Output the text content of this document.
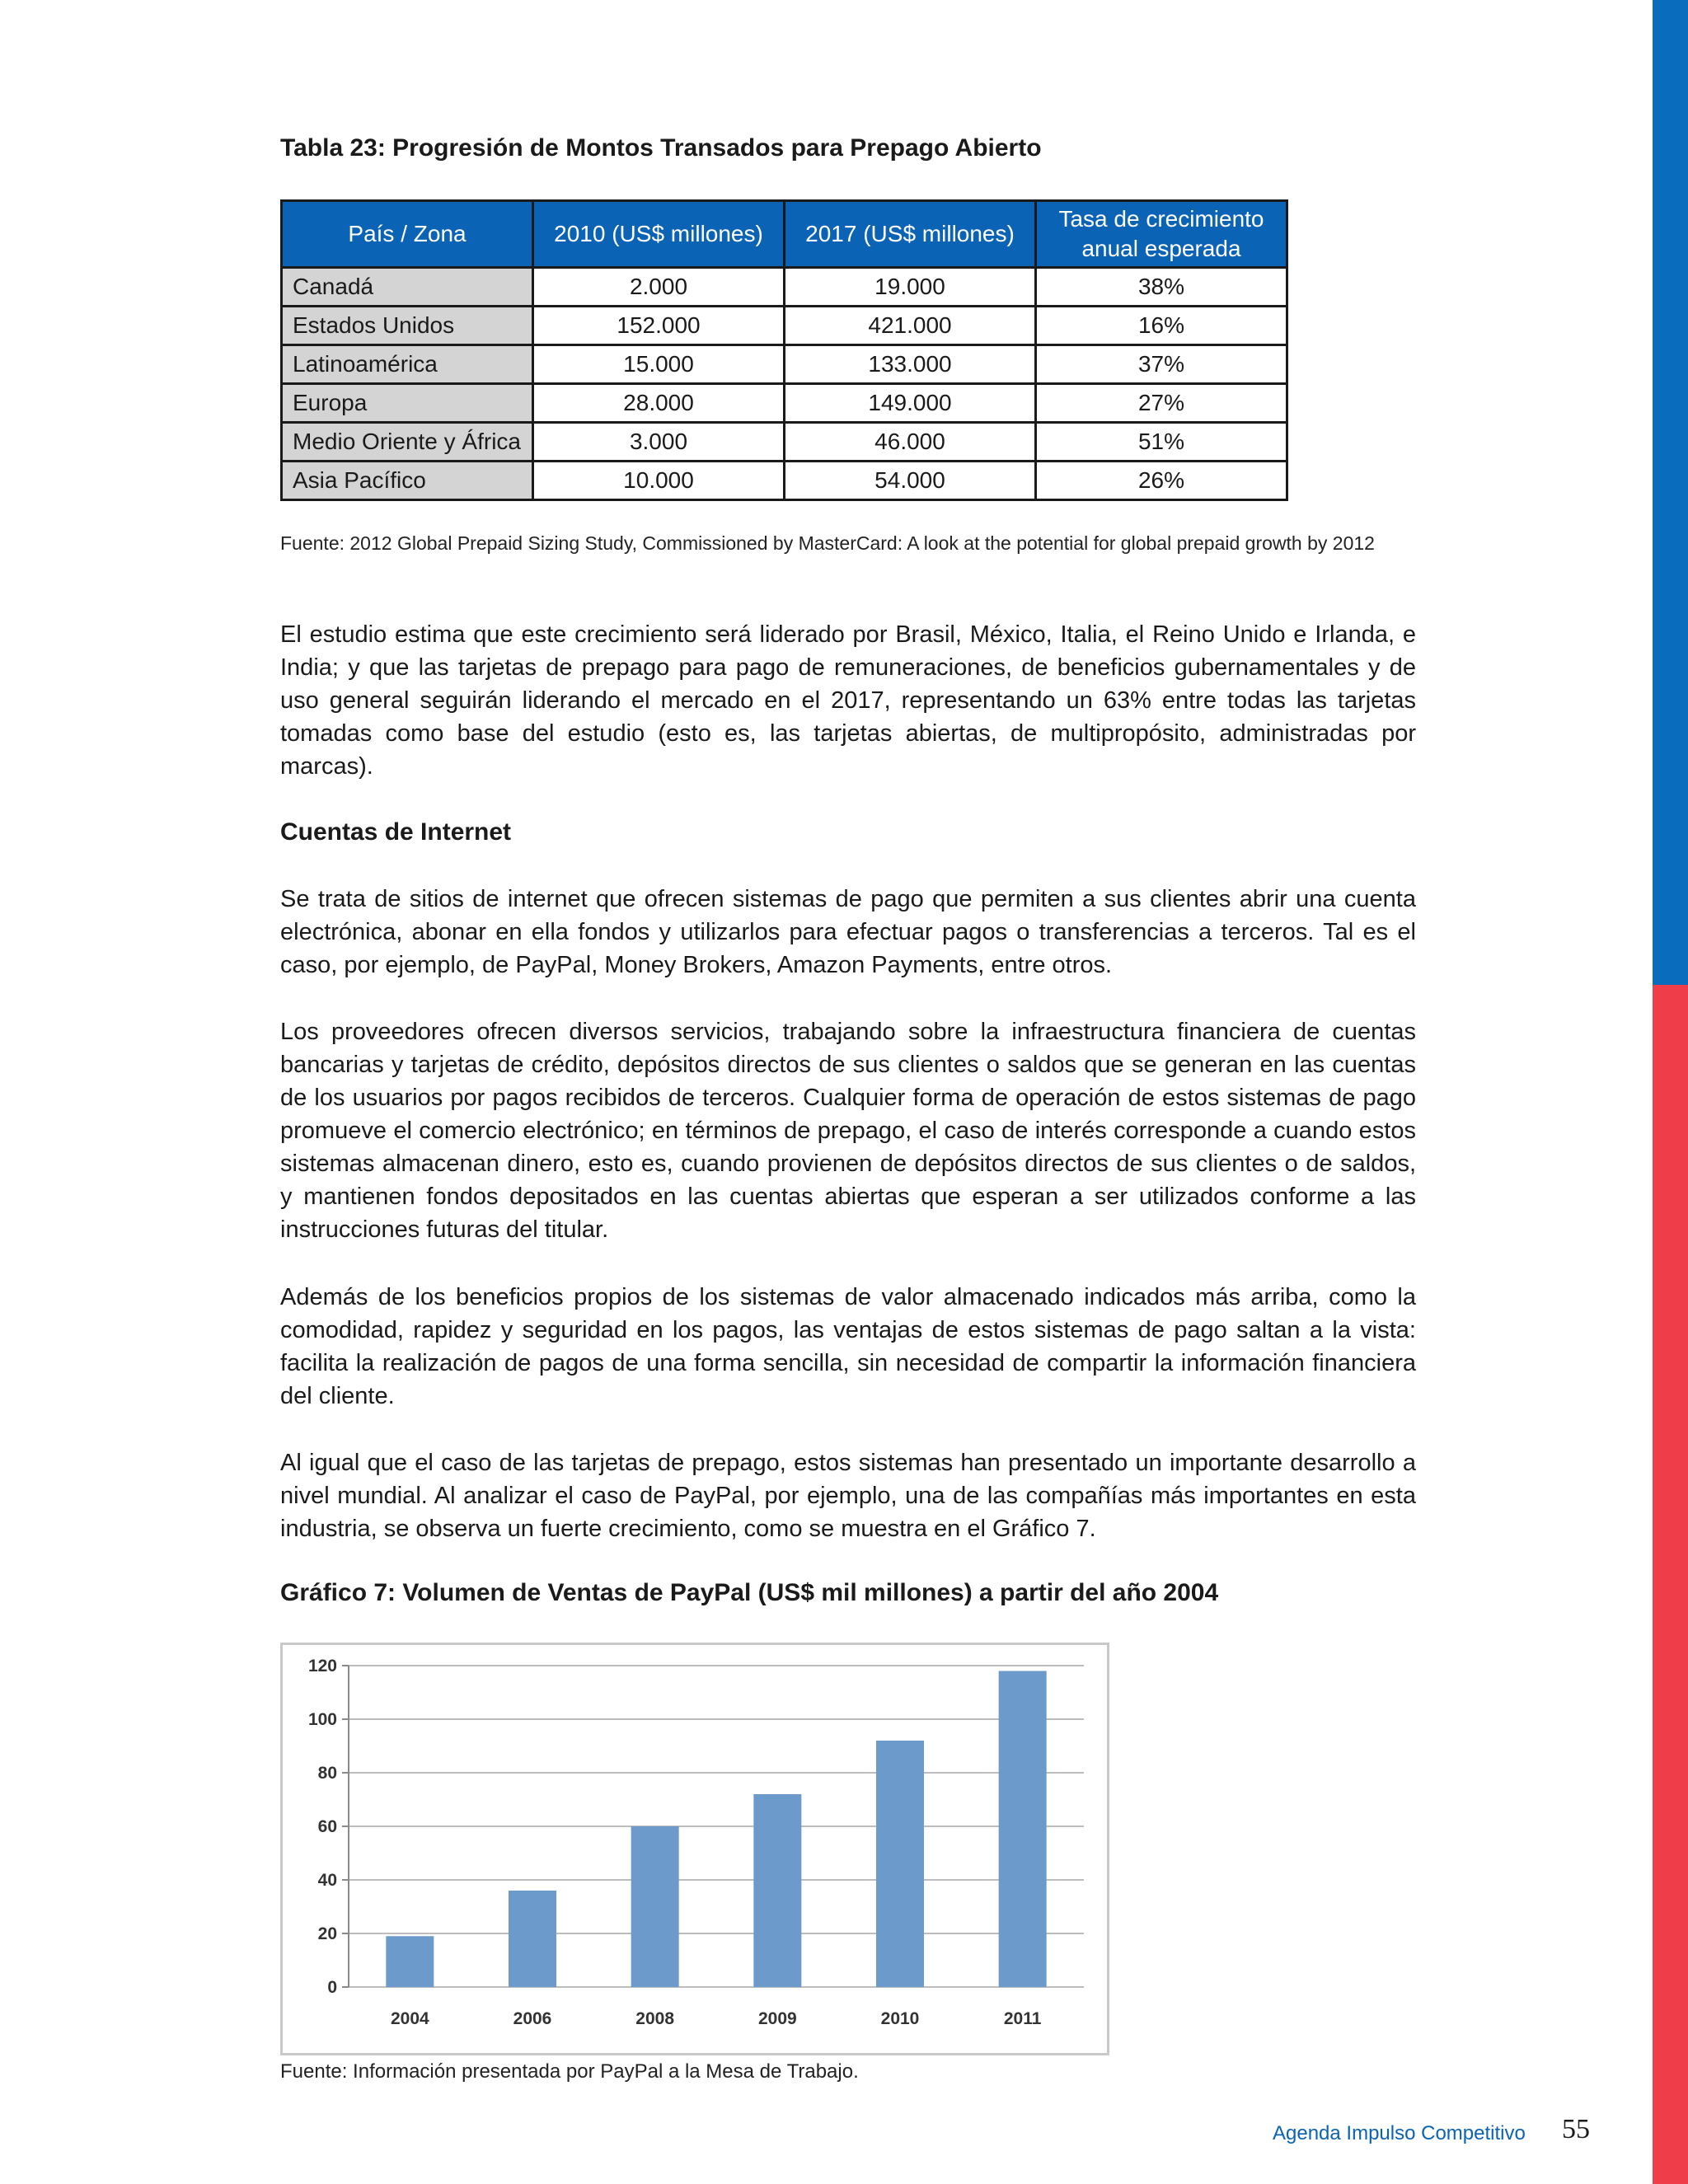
Tabla 23: Progresión de Montos Transados para Prepago Abierto
País / Zona	2010 (US$ millones)	2017 (US$ millones)	Tasa de crecimiento anual esperada
Canadá	2.000	19.000	38%
Estados Unidos	152.000	421.000	16%
Latinoamérica	15.000	133.000	37%
Europa	28.000	149.000	27%
Medio Oriente y África	3.000	46.000	51%
Asia Pacífico	10.000	54.000	26%
Fuente: 2012 Global Prepaid Sizing Study, Commissioned by MasterCard: A look at the potential for global prepaid growth by 2012
El estudio estima que este crecimiento será liderado por Brasil, México, Italia, el Reino Unido e Irlanda, e India; y que las tarjetas de prepago para pago de remuneraciones, de beneficios gubernamentales y de uso general seguirán liderando el mercado en el 2017, representando un 63% entre todas las tarjetas tomadas como base del estudio (esto es, las tarjetas abiertas, de multipropósito, administradas por marcas).
Cuentas de Internet
Se trata de sitios de internet que ofrecen sistemas de pago que permiten a sus clientes abrir una cuenta electrónica, abonar en ella fondos y utilizarlos para efectuar pagos o transferencias a terceros. Tal es el caso, por ejemplo, de PayPal, Money Brokers, Amazon Payments, entre otros.
Los proveedores ofrecen diversos servicios, trabajando sobre la infraestructura financiera de cuentas bancarias y tarjetas de crédito, depósitos directos de sus clientes o saldos que se generan en las cuentas de los usuarios por pagos recibidos de terceros. Cualquier forma de operación de estos sistemas de pago promueve el comercio electrónico; en términos de prepago, el caso de interés corresponde a cuando estos sistemas almacenan dinero, esto es, cuando provienen de depósitos directos de sus clientes o de saldos, y mantienen fondos depositados en las cuentas abiertas que esperan a ser utilizados conforme a las instrucciones futuras del titular.
Además de los beneficios propios de los sistemas de valor almacenado indicados más arriba, como la comodidad, rapidez y seguridad en los pagos, las ventajas de estos sistemas de pago saltan a la vista: facilita la realización de pagos de una forma sencilla, sin necesidad de compartir la información financiera del cliente.
Al igual que el caso de las tarjetas de prepago, estos sistemas han presentado un importante desarrollo a nivel mundial. Al analizar el caso de PayPal, por ejemplo, una de las compañías más importantes en esta industria, se observa un fuerte crecimiento, como se muestra en el Gráfico 7.
Gráfico 7: Volumen de Ventas de PayPal (US$ mil millones) a partir del año 2004
0
20
40
60
80
100
120
2004	2006	2008	2009	2010	2011
Fuente: Información presentada por PayPal a la Mesa de Trabajo.
Agenda Impulso Competitivo 55
